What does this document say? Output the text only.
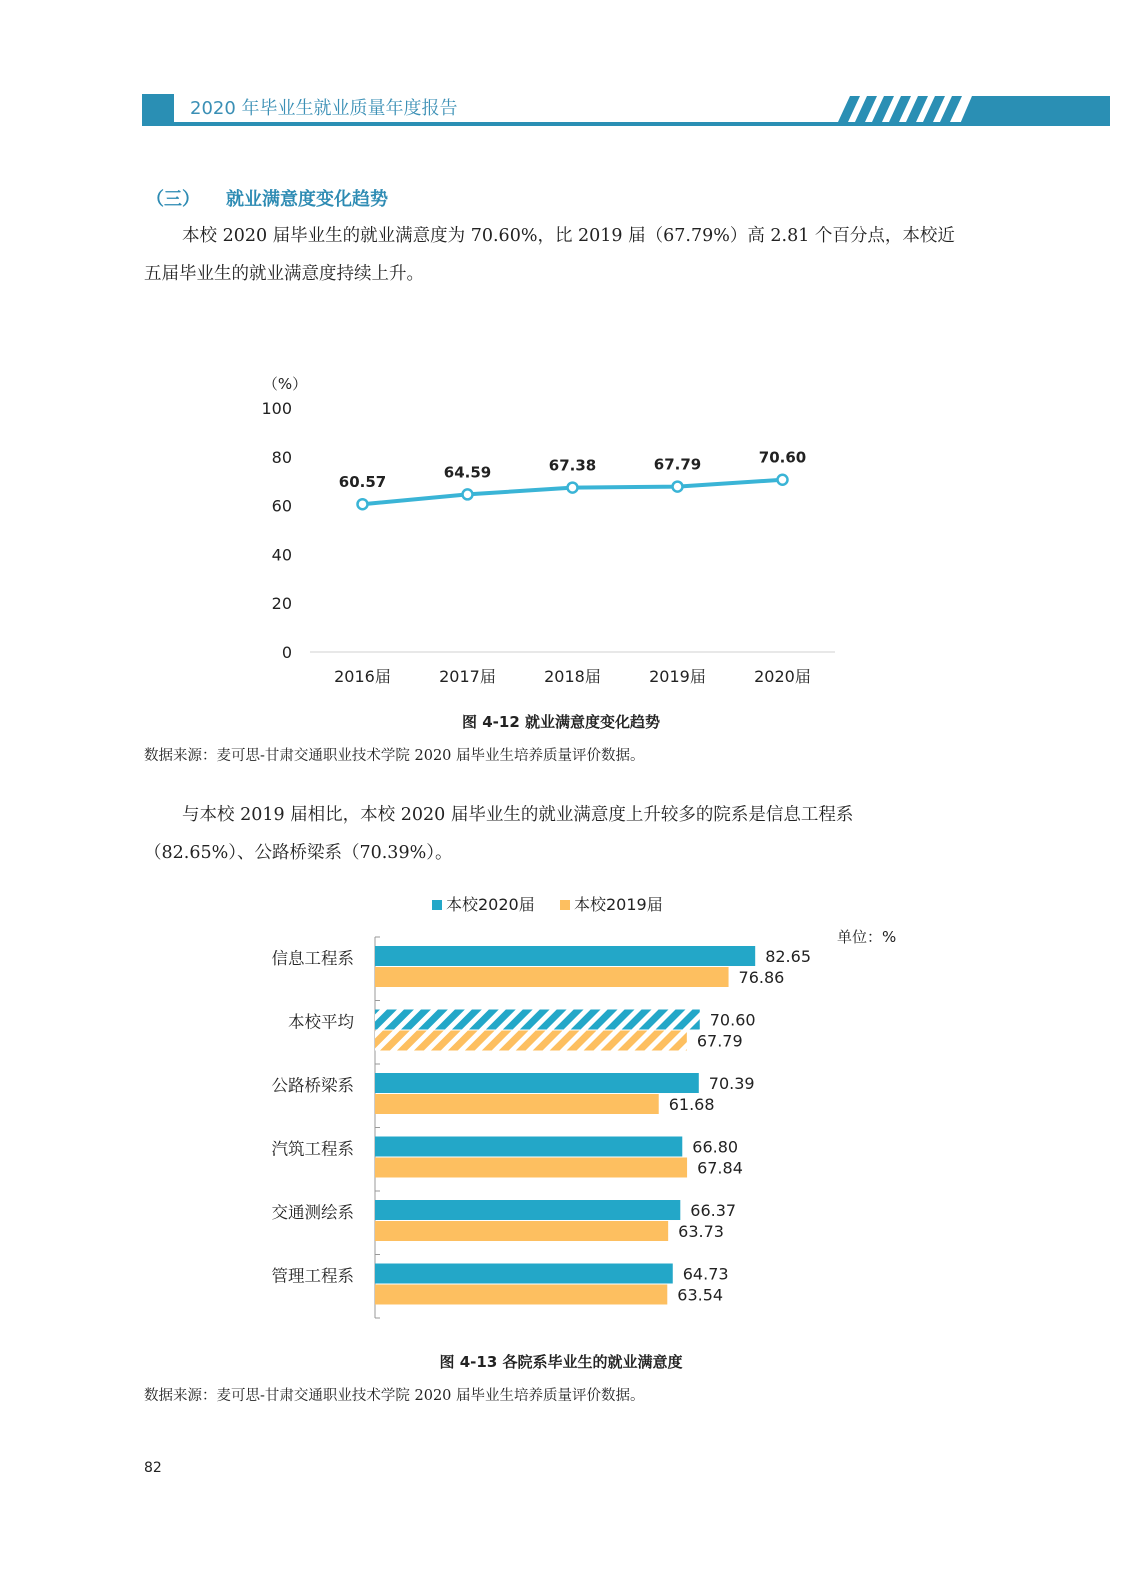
2020 年毕业生就业质量年度报告
（三） 就业满意度变化趋势
本校 2020 届毕业生的就业满意度为 70.60%，比 2019 届（67.79%）高 2.81 个百分点，本校近五届毕业生的就业满意度持续上升。
（%）
0
20
40
60
80
100
2016届	2017届	2018届	2019届	2020届
60.57
64.59	67.38	67.79	70.60
图 4-12 就业满意度变化趋势
数据来源：麦可思-甘肃交通职业技术学院 2020 届毕业生培养质量评价数据。
与本校 2019 届相比，本校 2020 届毕业生的就业满意度上升较多的院系是信息工程系（82.65%）、公路桥梁系（70.39%）。
本校2020届 本校2019届
单位：%
信息工程系	82.65
76.86
本校平均	70.60
67.79
公路桥梁系	70.39
61.68
汽筑工程系	66.80
67.84
交通测绘系	66.37
63.73
管理工程系	64.73
63.54
图 4-13 各院系毕业生的就业满意度
数据来源：麦可思-甘肃交通职业技术学院 2020 届毕业生培养质量评价数据。
82
